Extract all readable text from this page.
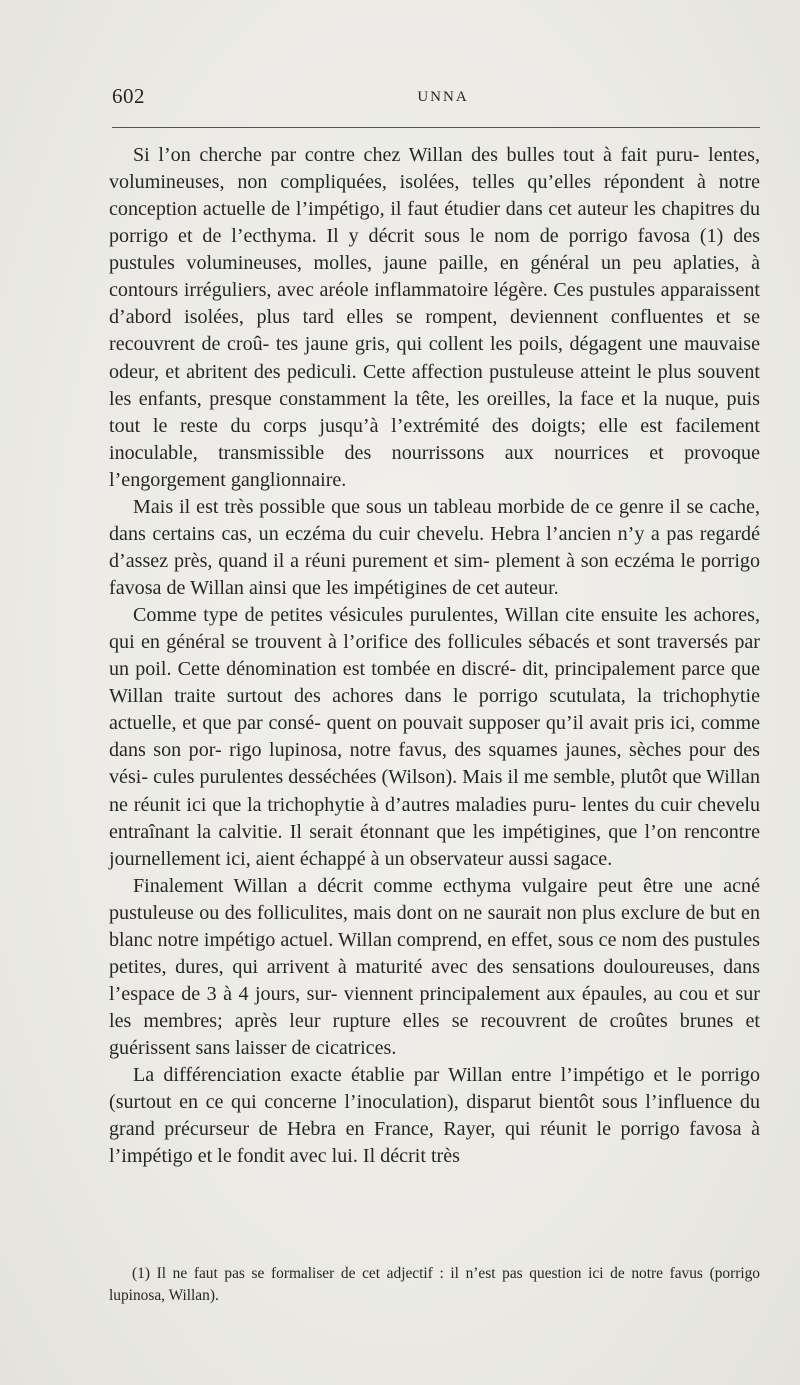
602	UNNA

Si l’on cherche par contre chez Willan des bulles tout à fait puru- lentes, volumineuses, non compliquées, isolées, telles qu’elles répondent à notre conception actuelle de l’impétigo, il faut étudier dans cet auteur les chapitres du porrigo et de l’ecthyma. Il y décrit sous le nom de porrigo favosa (1) des pustules volumineuses, molles, jaune paille, en général un peu aplaties, à contours irréguliers, avec aréole inflammatoire légère. Ces pustules apparaissent d’abord isolées, plus tard elles se rompent, deviennent confluentes et se recouvrent de croû- tes jaune gris, qui collent les poils, dégagent une mauvaise odeur, et abritent des pediculi. Cette affection pustuleuse atteint le plus souvent les enfants, presque constamment la tête, les oreilles, la face et la nuque, puis tout le reste du corps jusqu’à l’extrémité des doigts; elle est facilement inoculable, transmissible des nourrissons aux nourrices et provoque l’engorgement ganglionnaire.

Mais il est très possible que sous un tableau morbide de ce genre il se cache, dans certains cas, un eczéma du cuir chevelu. Hebra l’ancien n’y a pas regardé d’assez près, quand il a réuni purement et sim- plement à son eczéma le porrigo favosa de Willan ainsi que les impétigines de cet auteur.

Comme type de petites vésicules purulentes, Willan cite ensuite les achores, qui en général se trouvent à l’orifice des follicules sébacés et sont traversés par un poil. Cette dénomination est tombée en discré- dit, principalement parce que Willan traite surtout des achores dans le porrigo scutulata, la trichophytie actuelle, et que par consé- quent on pouvait supposer qu’il avait pris ici, comme dans son por- rigo lupinosa, notre favus, des squames jaunes, sèches pour des vési- cules purulentes desséchées (Wilson). Mais il me semble, plutôt que Willan ne réunit ici que la trichophytie à d’autres maladies puru- lentes du cuir chevelu entraînant la calvitie. Il serait étonnant que les impétigines, que l’on rencontre journellement ici, aient échappé à un observateur aussi sagace.

Finalement Willan a décrit comme ecthyma vulgaire peut être une acné pustuleuse ou des folliculites, mais dont on ne saurait non plus exclure de but en blanc notre impétigo actuel. Willan comprend, en effet, sous ce nom des pustules petites, dures, qui arrivent à maturité avec des sensations douloureuses, dans l’espace de 3 à 4 jours, sur- viennent principalement aux épaules, au cou et sur les membres; après leur rupture elles se recouvrent de croûtes brunes et guérissent sans laisser de cicatrices.

La différenciation exacte établie par Willan entre l’impétigo et le porrigo (surtout en ce qui concerne l’inoculation), disparut bientôt sous l’influence du grand précurseur de Hebra en France, Rayer, qui réunit le porrigo favosa à l’impétigo et le fondit avec lui. Il décrit très

(1) Il ne faut pas se formaliser de cet adjectif : il n’est pas question ici de notre favus (porrigo lupinosa, Willan).
